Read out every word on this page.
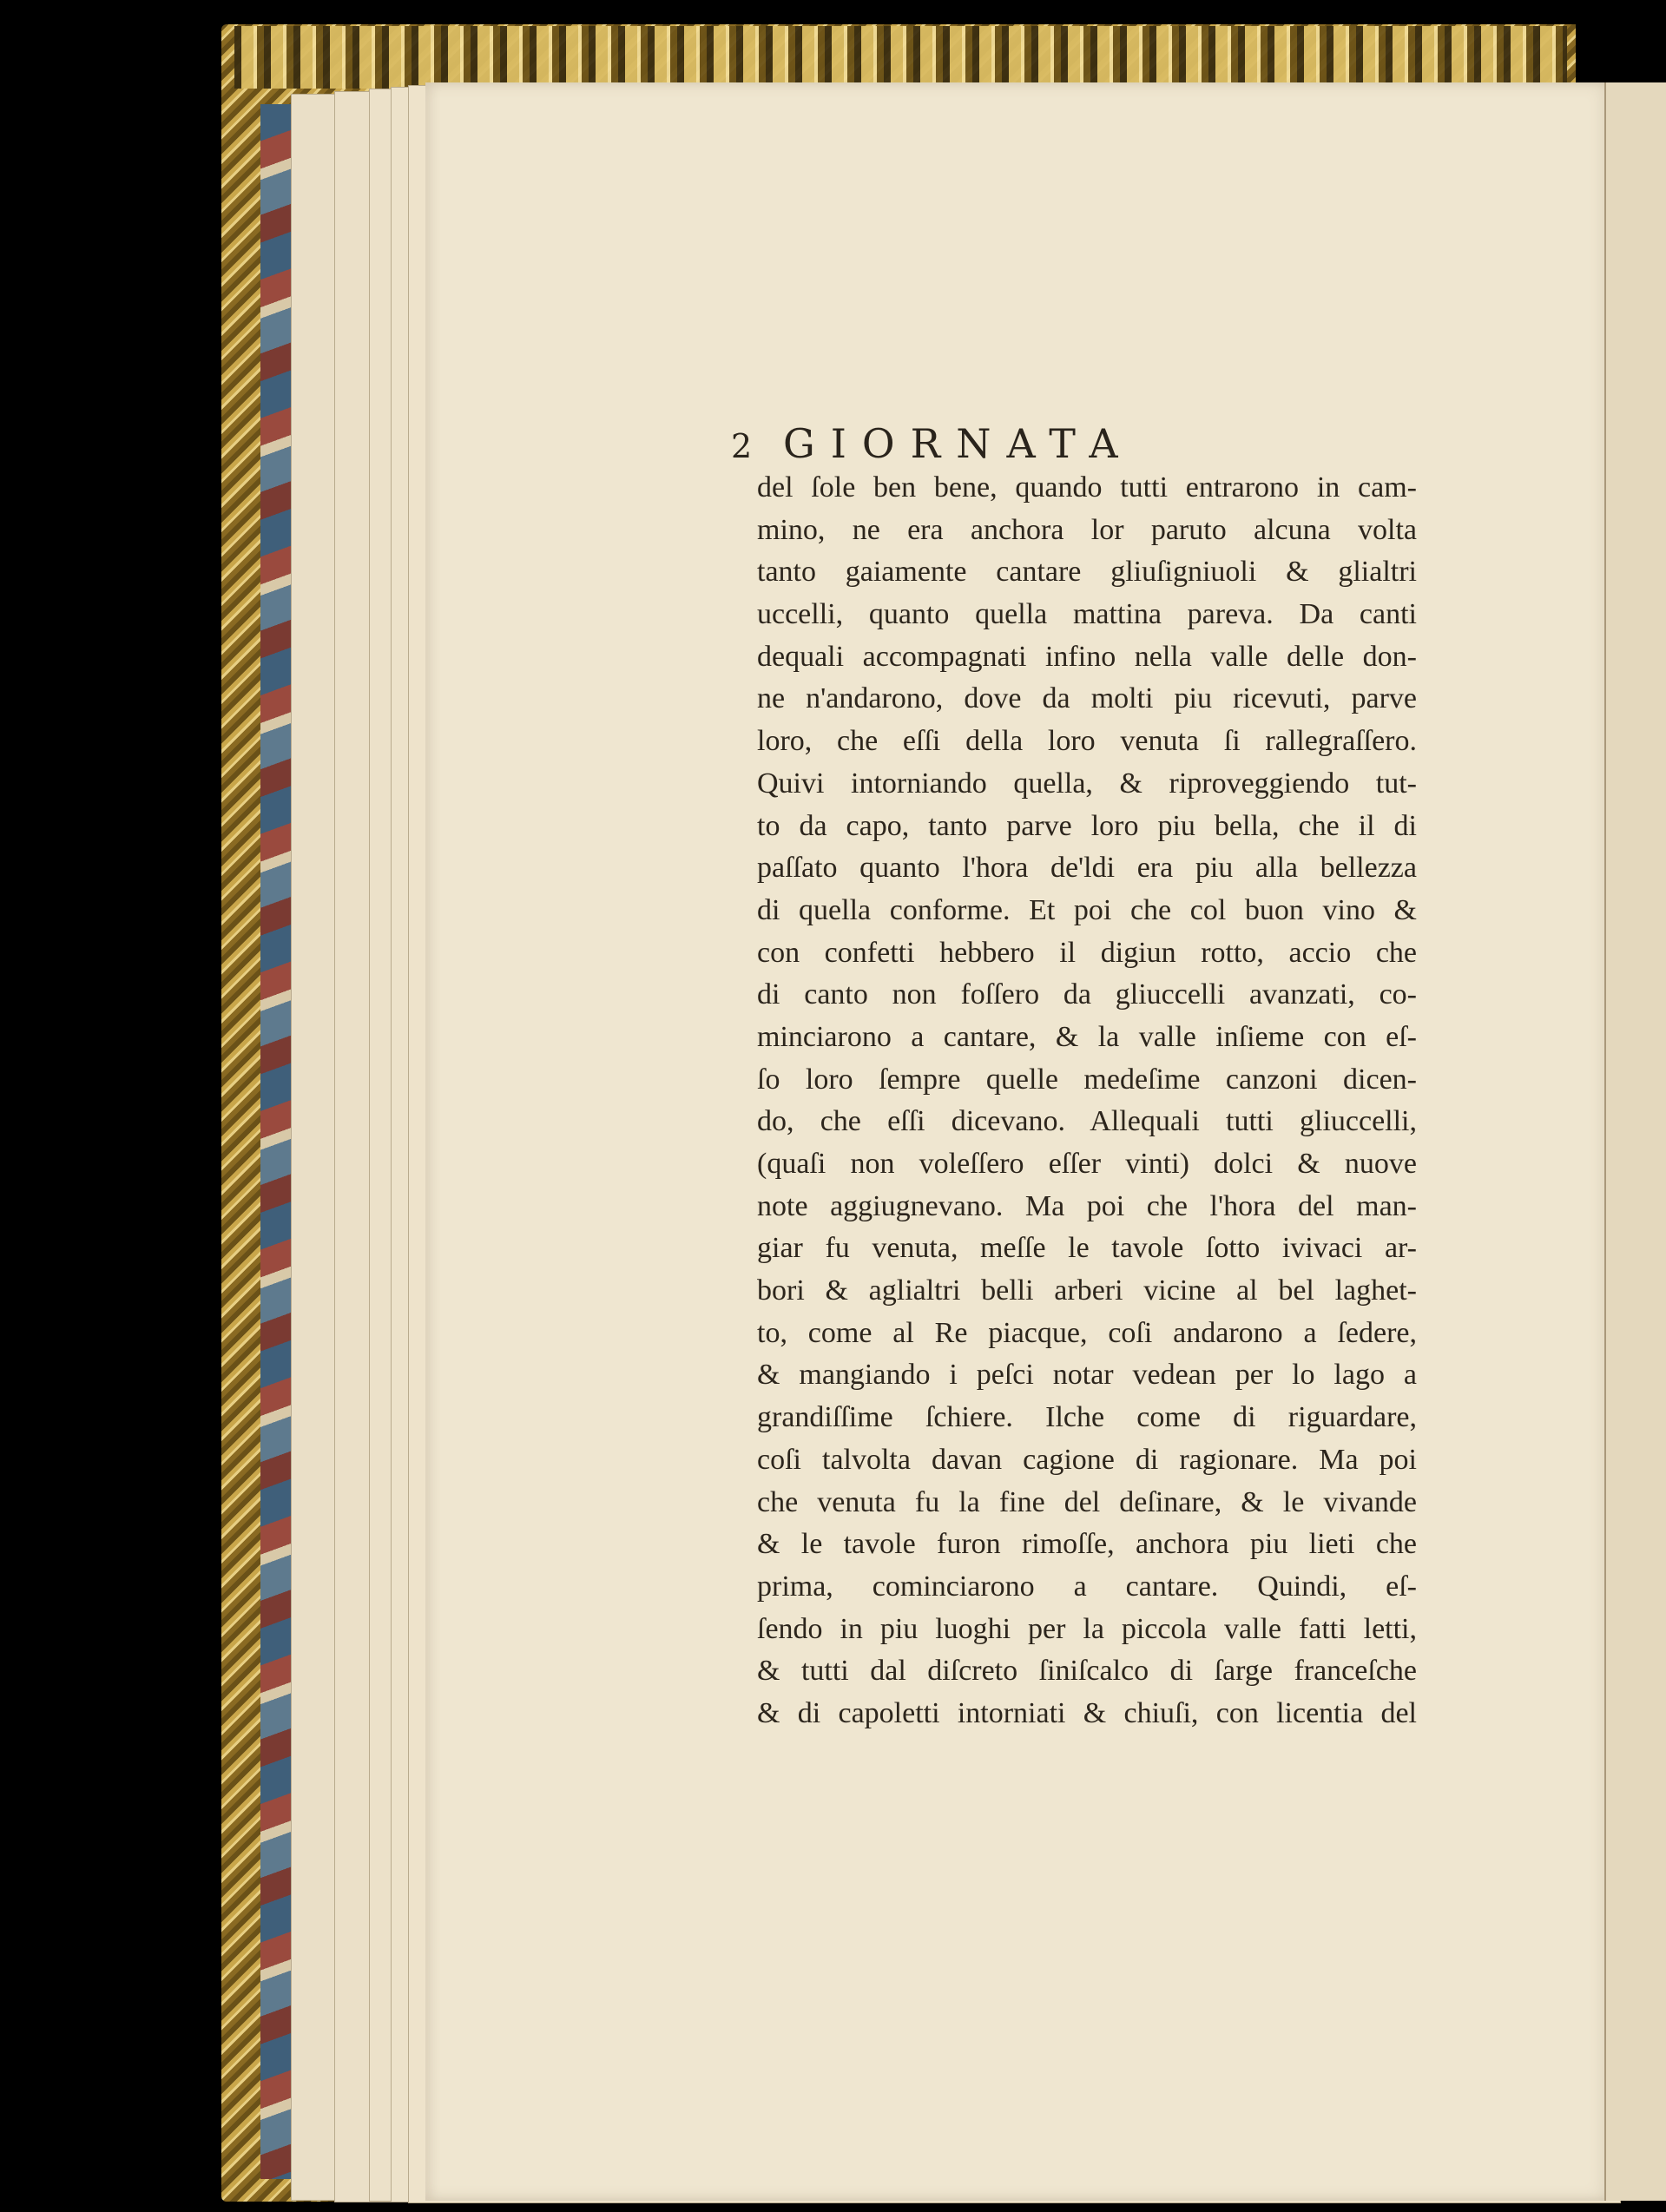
2 GIORNATA
del ſole ben bene, quando tutti entrarono in cam-
mino, ne era anchora lor paruto alcuna volta
tanto gaiamente cantare gliuſigniuoli & glialtri
uccelli, quanto quella mattina pareva. Da canti
dequali accompagnati infino nella valle delle don-
ne n'andarono, dove da molti piu ricevuti, parve
loro, che eſſi della loro venuta ſi rallegraſſero.
Quivi intorniando quella, & riproveggiendo tut-
to da capo, tanto parve loro piu bella, che il di
paſſato quanto l'hora de'ldi era piu alla bellezza
di quella conforme. Et poi che col buon vino &
con confetti hebbero il digiun rotto, accio che
di canto non foſſero da gliuccelli avanzati, co-
minciarono a cantare, & la valle inſieme con eſ-
ſo loro ſempre quelle medeſime canzoni dicen-
do, che eſſi dicevano. Allequali tutti gliuccelli,
(quaſi non voleſſero eſſer vinti) dolci & nuove
note aggiugnevano. Ma poi che l'hora del man-
giar fu venuta, meſſe le tavole ſotto ivivaci ar-
bori & aglialtri belli arberi vicine al bel laghet-
to, come al Re piacque, coſi andarono a ſedere,
& mangiando i peſci notar vedean per lo lago a
grandiſſime ſchiere. Ilche come di riguardare,
coſi talvolta davan cagione di ragionare. Ma poi
che venuta fu la fine del deſinare, & le vivande
& le tavole furon rimoſſe, anchora piu lieti che
prima, cominciarono a cantare. Quindi, eſ-
ſendo in piu luoghi per la piccola valle fatti letti,
& tutti dal diſcreto ſiniſcalco di ſarge franceſche
& di capoletti intorniati & chiuſi, con licentia del
